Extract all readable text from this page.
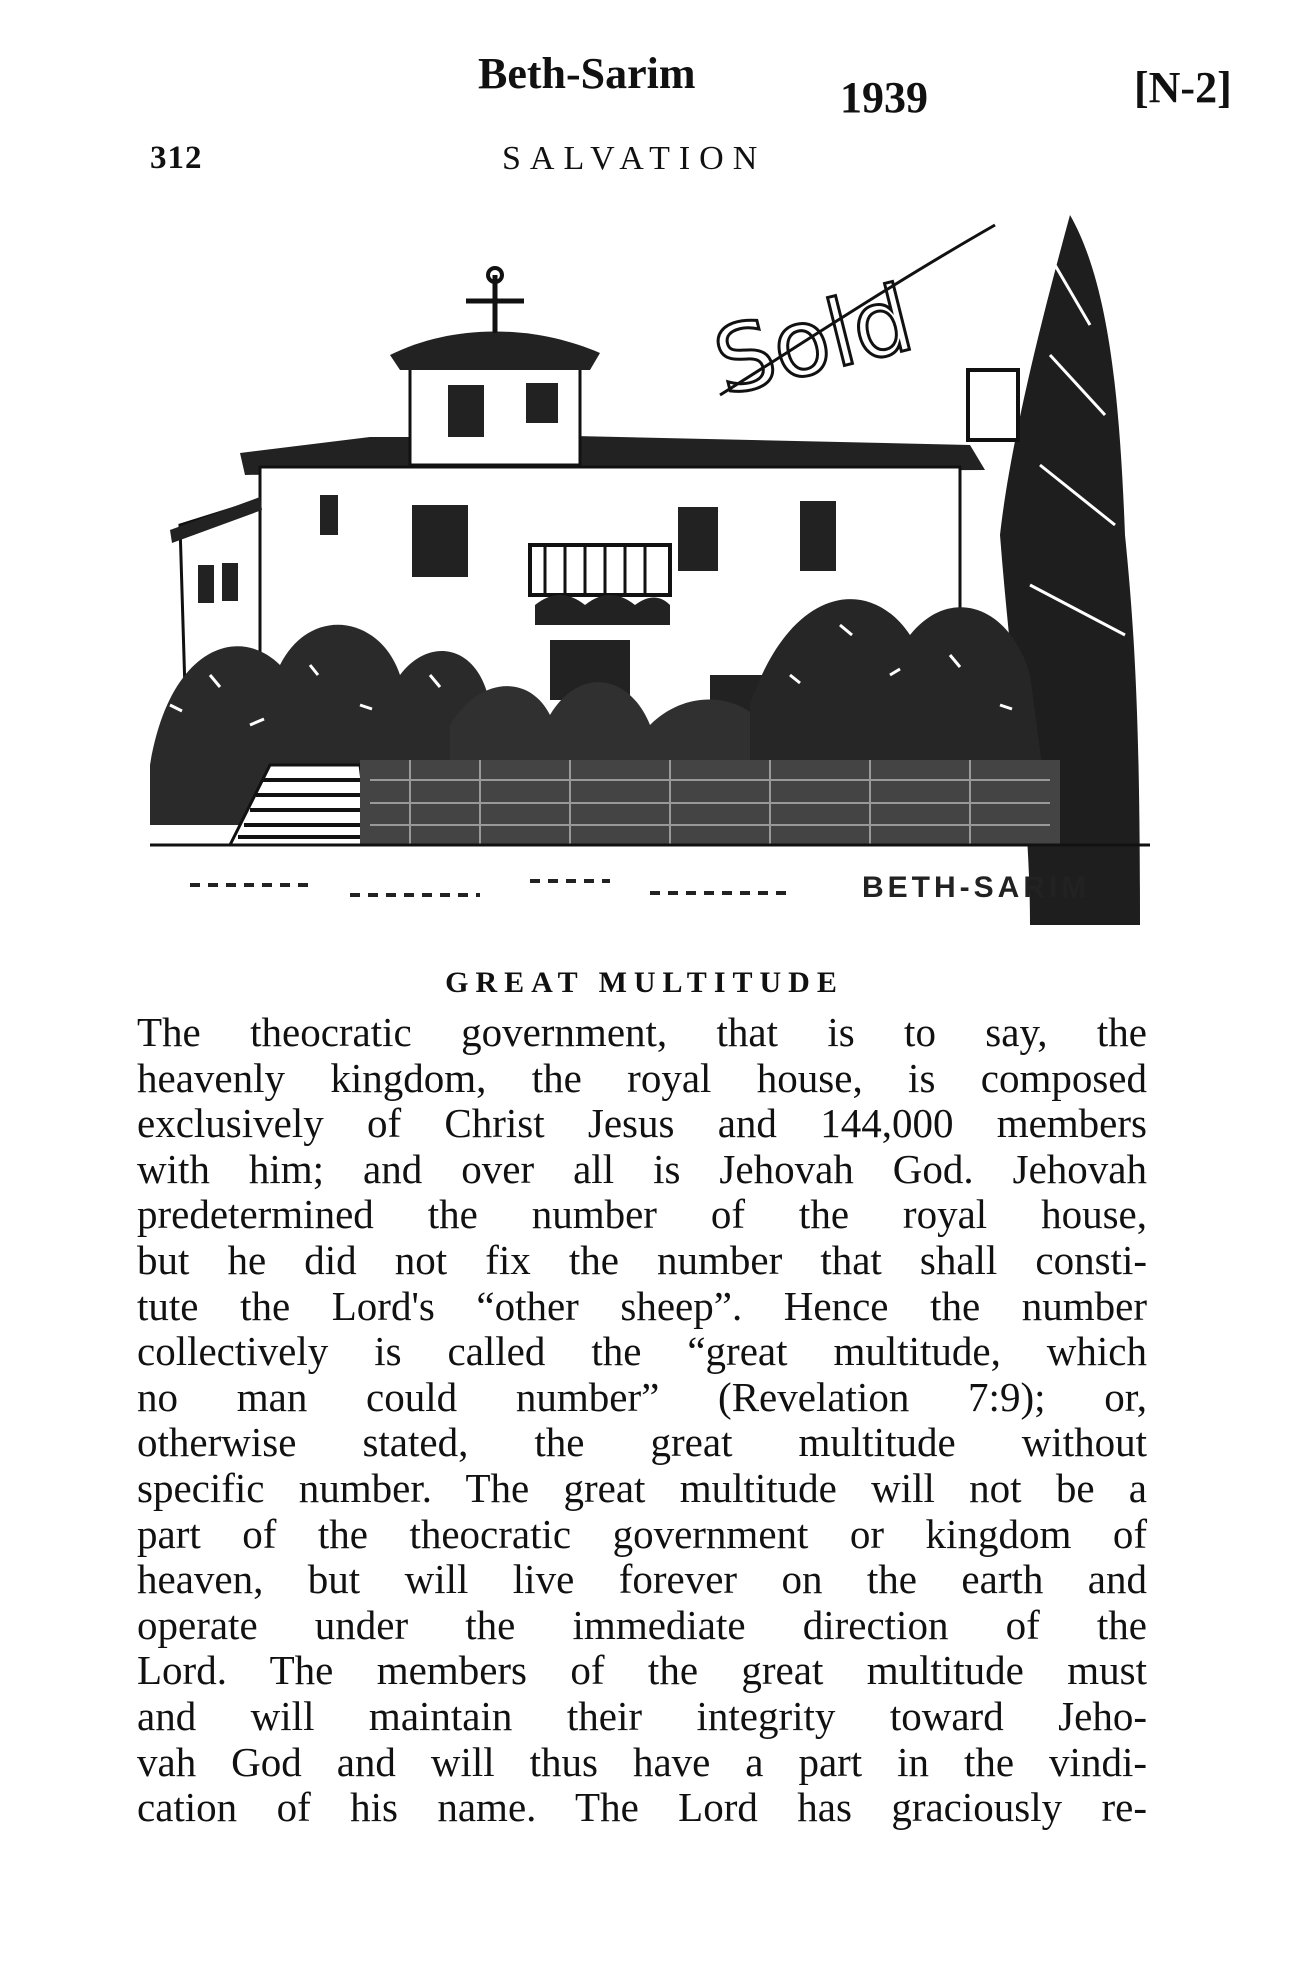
Beth-Sarim	1939	[N-2]
312	SALVATION
BETH-SARIM
Sold
GREAT MULTITUDE
The theocratic government, that is to say, the
heavenly kingdom, the royal house, is composed
exclusively of Christ Jesus and 144,000 members
with him; and over all is Jehovah God. Jehovah
predetermined the number of the royal house,
but he did not fix the number that shall consti-
tute the Lord's “other sheep”. Hence the number
collectively is called the “great multitude, which
no man could number” (Revelation 7:9); or,
otherwise stated, the great multitude without
specific number. The great multitude will not be a
part of the theocratic government or kingdom of
heaven, but will live forever on the earth and
operate under the immediate direction of the
Lord. The members of the great multitude must
and will maintain their integrity toward Jeho-
vah God and will thus have a part in the vindi-
cation of his name. The Lord has graciously re-
